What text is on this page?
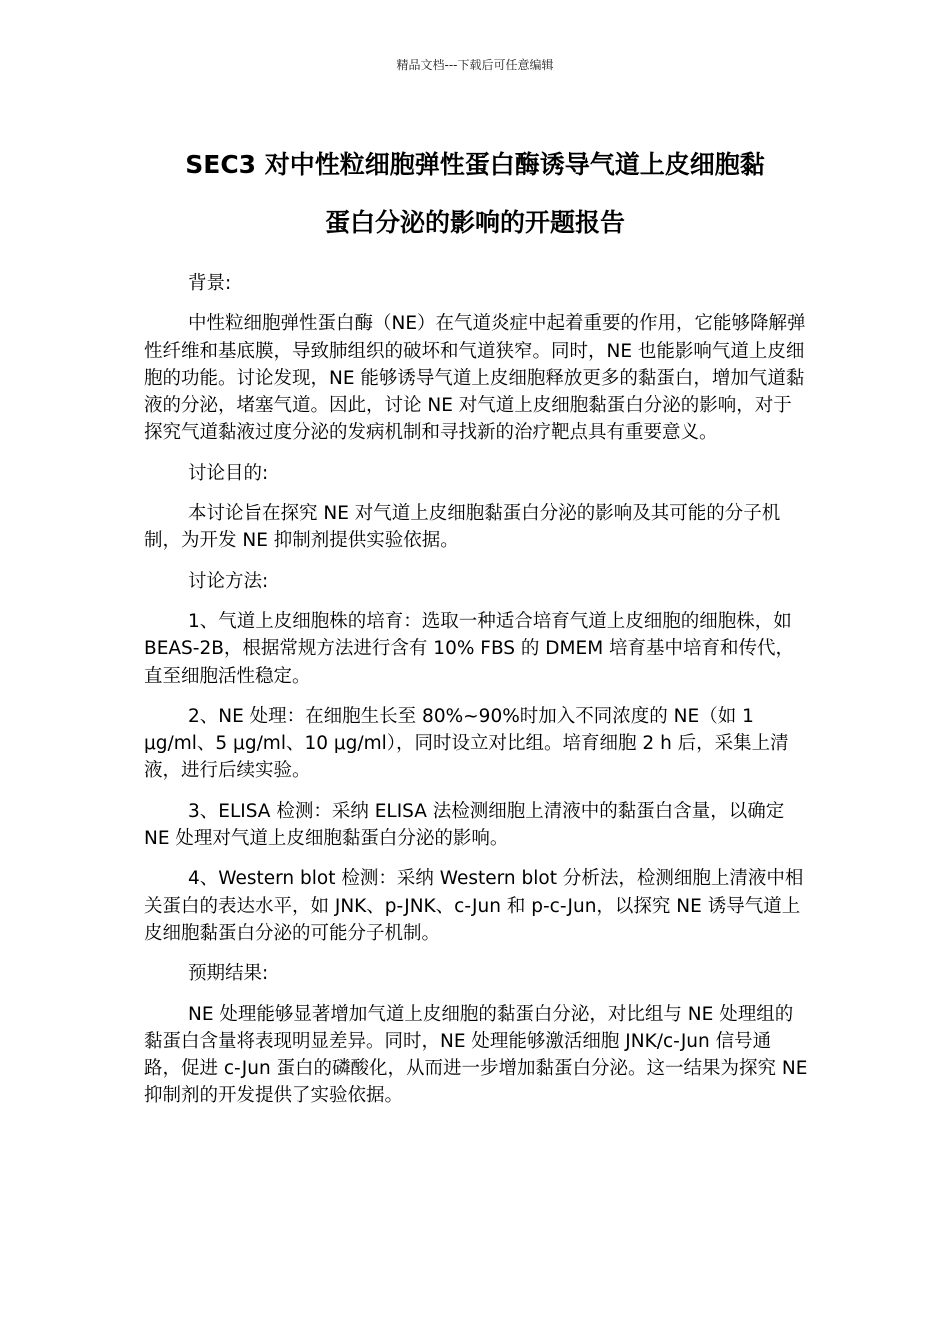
精品文档---下载后可任意编辑
SEC3 对中性粒细胞弹性蛋白酶诱导气道上皮细胞黏
蛋白分泌的影响的开题报告

背景:

中性粒细胞弹性蛋白酶（NE）在气道炎症中起着重要的作用，它能够降解弹性纤维和基底膜，导致肺组织的破坏和气道狭窄。同时，NE 也能影响气道上皮细胞的功能。讨论发现，NE 能够诱导气道上皮细胞释放更多的黏蛋白，增加气道黏液的分泌，堵塞气道。因此，讨论 NE 对气道上皮细胞黏蛋白分泌的影响，对于探究气道黏液过度分泌的发病机制和寻找新的治疗靶点具有重要意义。

讨论目的:

本讨论旨在探究 NE 对气道上皮细胞黏蛋白分泌的影响及其可能的分子机制，为开发 NE 抑制剂提供实验依据。

讨论方法:

1、气道上皮细胞株的培育：选取一种适合培育气道上皮细胞的细胞株，如 BEAS-2B，根据常规方法进行含有 10% FBS 的 DMEM 培育基中培育和传代，直至细胞活性稳定。

2、NE 处理：在细胞生长至 80%~90%时加入不同浓度的 NE（如 1 μg/ml、5 μg/ml、10 μg/ml），同时设立对比组。培育细胞 2 h 后，采集上清液，进行后续实验。

3、ELISA 检测：采纳 ELISA 法检测细胞上清液中的黏蛋白含量，以确定 NE 处理对气道上皮细胞黏蛋白分泌的影响。

4、Western blot 检测：采纳 Western blot 分析法，检测细胞上清液中相关蛋白的表达水平，如 JNK、p-JNK、c-Jun 和 p-c-Jun，以探究 NE 诱导气道上皮细胞黏蛋白分泌的可能分子机制。

预期结果:

NE 处理能够显著增加气道上皮细胞的黏蛋白分泌，对比组与 NE 处理组的黏蛋白含量将表现明显差异。同时，NE 处理能够激活细胞 JNK/c-Jun 信号通路，促进 c-Jun 蛋白的磷酸化，从而进一步增加黏蛋白分泌。这一结果为探究 NE 抑制剂的开发提供了实验依据。
